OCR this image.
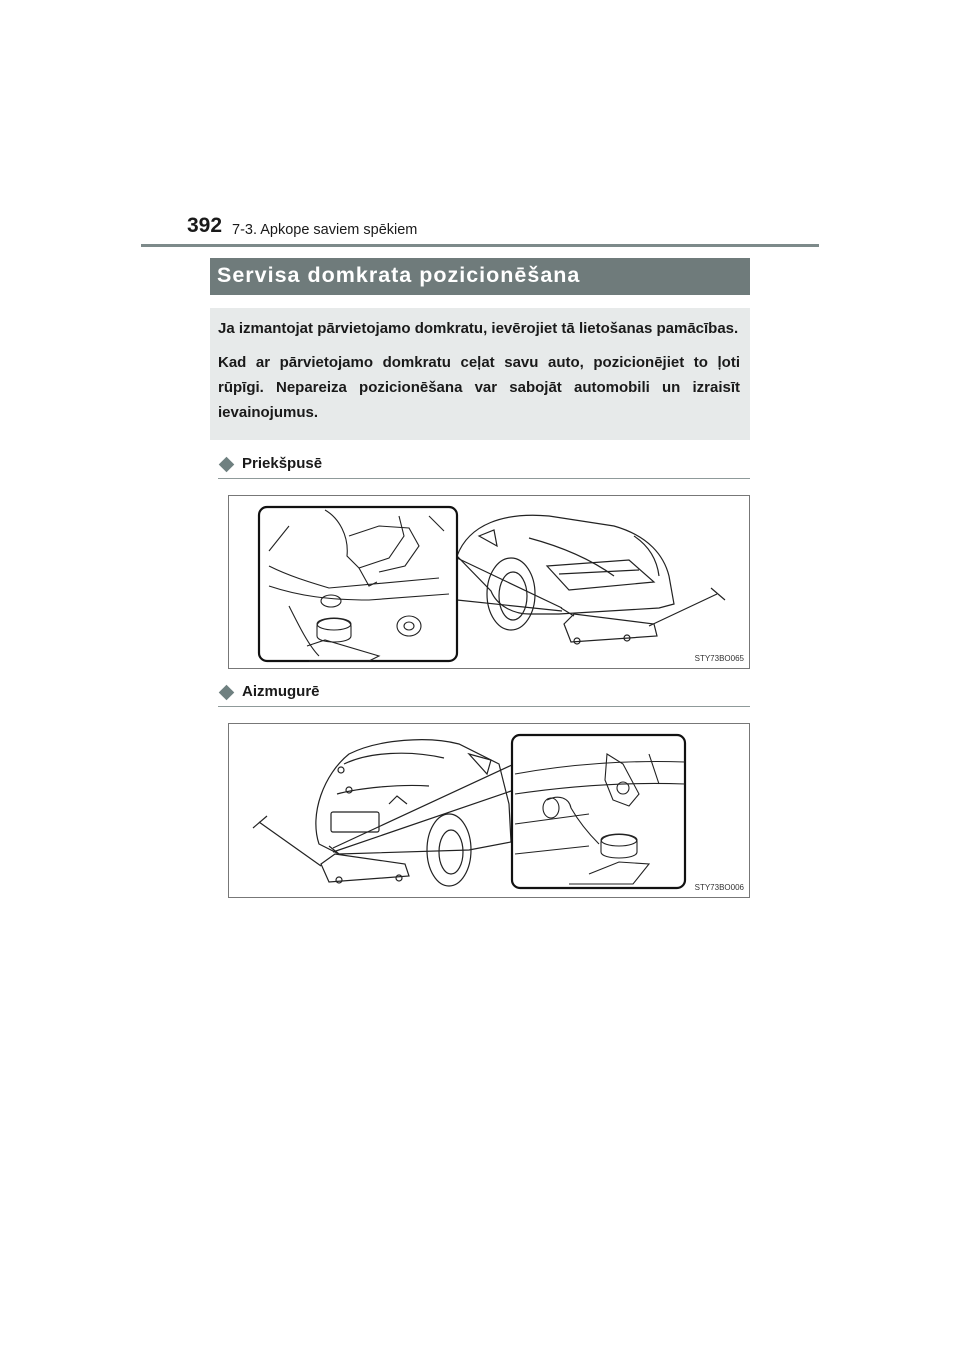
392 7-3. Apkope saviem spēkiem
Servisa domkrata pozicionēšana

Ja izmantojat pārvietojamo domkratu, ievērojiet tā lietošanas pamācības.

Kad ar pārvietojamo domkratu ceļat savu auto, pozicionējiet to ļoti rūpīgi. Nepareiza pozicionēšana var sabojāt automobili un izraisīt ievainojumus.

Priekšpusē
STY73BO065
Aizmugurē
STY73BO006
